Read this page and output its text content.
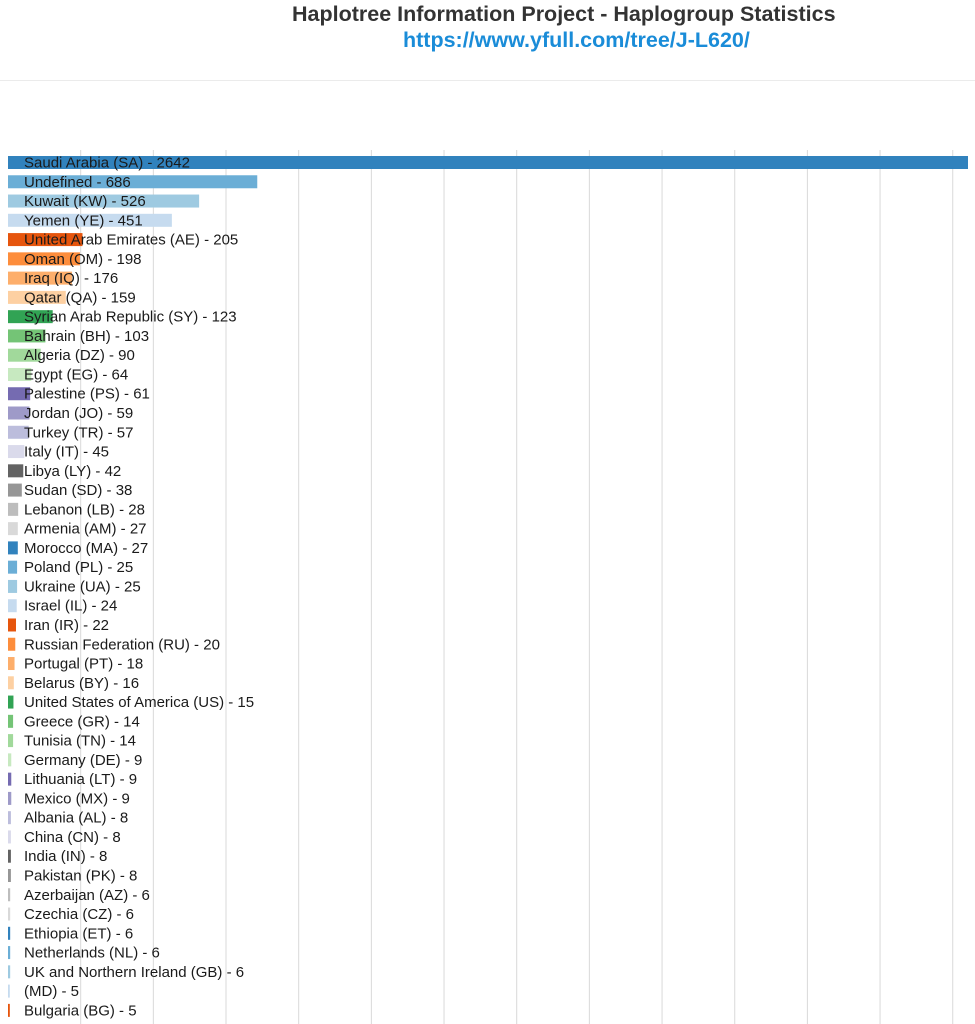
Haplotree Information Project - Haplogroup Statistics
https://www.yfull.com/tree/J-L620/
Saudi Arabia (SA) - 2642
Undefined - 686
Kuwait (KW) - 526
Yemen (YE) - 451
United Arab Emirates (AE) - 205
Oman (OM) - 198
Iraq (IQ) - 176
Qatar (QA) - 159
Syrian Arab Republic (SY) - 123
Bahrain (BH) - 103
Algeria (DZ) - 90
Egypt (EG) - 64
Palestine (PS) - 61
Jordan (JO) - 59
Turkey (TR) - 57
Italy (IT) - 45
Libya (LY) - 42
Sudan (SD) - 38
Lebanon (LB) - 28
Armenia (AM) - 27
Morocco (MA) - 27
Poland (PL) - 25
Ukraine (UA) - 25
Israel (IL) - 24
Iran (IR) - 22
Russian Federation (RU) - 20
Portugal (PT) - 18
Belarus (BY) - 16
United States of America (US) - 15
Greece (GR) - 14
Tunisia (TN) - 14
Germany (DE) - 9
Lithuania (LT) - 9
Mexico (MX) - 9
Albania (AL) - 8
China (CN) - 8
India (IN) - 8
Pakistan (PK) - 8
Azerbaijan (AZ) - 6
Czechia (CZ) - 6
Ethiopia (ET) - 6
Netherlands (NL) - 6
UK and Northern Ireland (GB) - 6
(MD) - 5
Bulgaria (BG) - 5
